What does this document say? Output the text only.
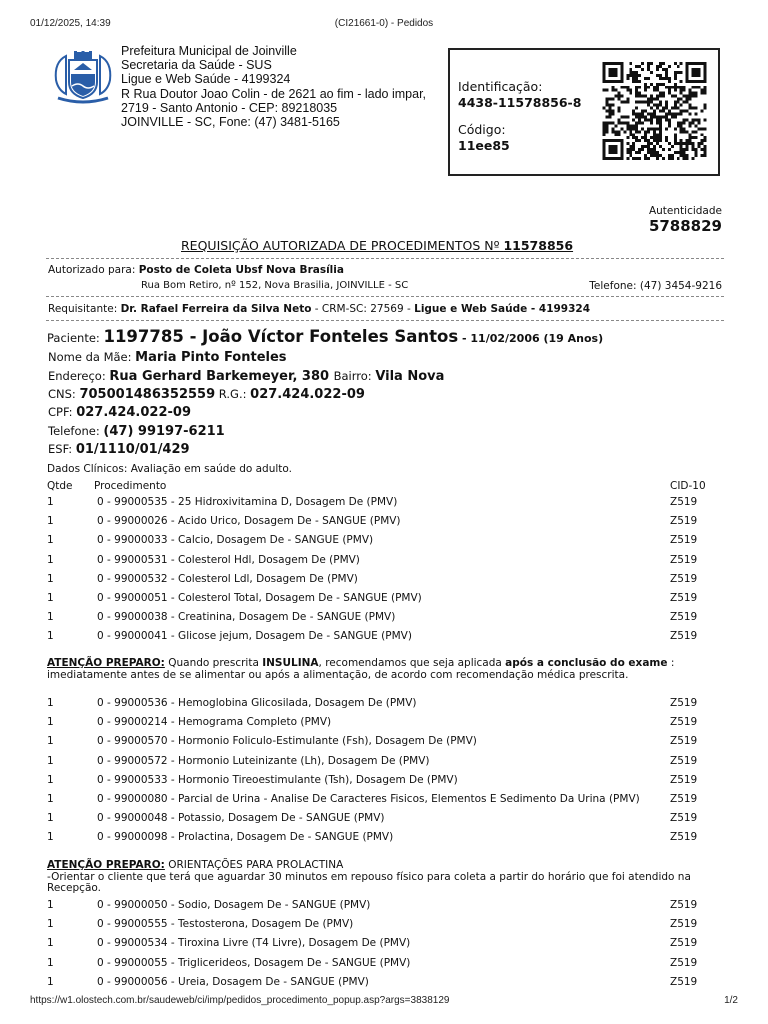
01/12/2025, 14:39	(CI21661-0) - Pedidos
Prefeitura Municipal de Joinville
Secretaria da Saúde - SUS
Ligue e Web Saúde - 4199324
R Rua Doutor Joao Colin - de 2621 ao fim - lado impar,
2719 - Santo Antonio - CEP: 89218035
JOINVILLE - SC, Fone: (47) 3481-5165
Identificação:
4438-11578856-8
Código:
11ee85
Autenticidade
5788829
REQUISIÇÃO AUTORIZADA DE PROCEDIMENTOS Nº 11578856
Autorizado para: Posto de Coleta Ubsf Nova Brasília
Rua Bom Retiro, nº 152, Nova Brasilia, JOINVILLE - SC	Telefone: (47) 3454-9216
Requisitante: Dr. Rafael Ferreira da Silva Neto - CRM-SC: 27569 - Ligue e Web Saúde - 4199324
Paciente: 1197785 - João Víctor Fonteles Santos - 11/02/2006 (19 Anos)
Nome da Mãe: Maria Pinto Fonteles
Endereço: Rua Gerhard Barkemeyer, 380 Bairro: Vila Nova
CNS: 705001486352559 R.G.: 027.424.022-09
CPF: 027.424.022-09
Telefone: (47) 99197-6211
ESF: 01/1110/01/429
Dados Clínicos: Avaliação em saúde do adulto.
Qtde Procedimento	CID-10
1	0 - 99000535 - 25 Hidroxivitamina D, Dosagem De (PMV)	Z519
1	0 - 99000026 - Acido Urico, Dosagem De - SANGUE (PMV)	Z519
1	0 - 99000033 - Calcio, Dosagem De - SANGUE (PMV)	Z519
1	0 - 99000531 - Colesterol Hdl, Dosagem De (PMV)	Z519
1	0 - 99000532 - Colesterol Ldl, Dosagem De (PMV)	Z519
1	0 - 99000051 - Colesterol Total, Dosagem De - SANGUE (PMV)	Z519
1	0 - 99000038 - Creatinina, Dosagem De - SANGUE (PMV)	Z519
1	0 - 99000041 - Glicose jejum, Dosagem De - SANGUE (PMV)	Z519
ATENÇÃO PREPARO: Quando prescrita INSULINA, recomendamos que seja aplicada após a conclusão do exame : imediatamente antes de se alimentar ou após a alimentação, de acordo com recomendação médica prescrita.
1	0 - 99000536 - Hemoglobina Glicosilada, Dosagem De (PMV)	Z519
1	0 - 99000214 - Hemograma Completo (PMV)	Z519
1	0 - 99000570 - Hormonio Foliculo-Estimulante (Fsh), Dosagem De (PMV)	Z519
1	0 - 99000572 - Hormonio Luteinizante (Lh), Dosagem De (PMV)	Z519
1	0 - 99000533 - Hormonio Tireoestimulante (Tsh), Dosagem De (PMV)	Z519
1	0 - 99000080 - Parcial de Urina - Analise De Caracteres Fisicos, Elementos E Sedimento Da Urina (PMV)	Z519
1	0 - 99000048 - Potassio, Dosagem De - SANGUE (PMV)	Z519
1	0 - 99000098 - Prolactina, Dosagem De - SANGUE (PMV)	Z519
ATENÇÃO PREPARO: ORIENTAÇÕES PARA PROLACTINA
-Orientar o cliente que terá que aguardar 30 minutos em repouso físico para coleta a partir do horário que foi atendido na Recepção.
1	0 - 99000050 - Sodio, Dosagem De - SANGUE (PMV)	Z519
1	0 - 99000555 - Testosterona, Dosagem De (PMV)	Z519
1	0 - 99000534 - Tiroxina Livre (T4 Livre), Dosagem De (PMV)	Z519
1	0 - 99000055 - Triglicerideos, Dosagem De - SANGUE (PMV)	Z519
1	0 - 99000056 - Ureia, Dosagem De - SANGUE (PMV)	Z519
https://w1.olostech.com.br/saudeweb/ci/imp/pedidos_procedimento_popup.asp?args=3838129	1/2
